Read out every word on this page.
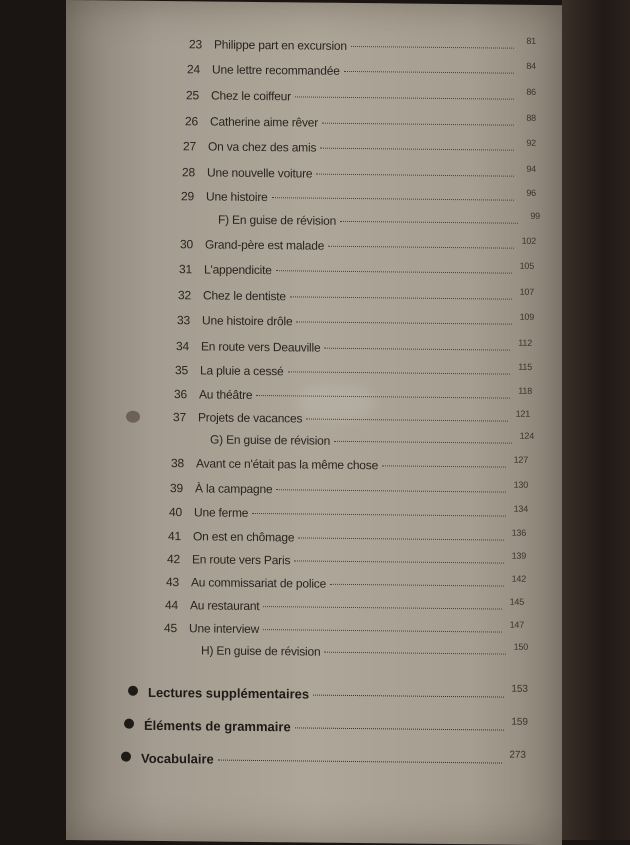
23 Philippe part en excursion	81
24 Une lettre recommandée	84
25 Chez le coiffeur	86
26 Catherine aime rêver	88
27 On va chez des amis	92
28 Une nouvelle voiture	94
29 Une histoire	96
F) En guise de révision	99
30 Grand-père est malade	102
31 L'appendicite	105
32 Chez le dentiste	107
33 Une histoire drôle	109
34 En route vers Deauville	112
35 La pluie a cessé	115
36 Au théâtre	118
37 Projets de vacances	121
G) En guise de révision	124
38 Avant ce n'était pas la même chose	127
39 À la campagne	130
40 Une ferme	134
41 On est en chômage	136
42 En route vers Paris	139
43 Au commissariat de police	142
44 Au restaurant	145
45 Une interview	147
H) En guise de révision	150
Lectures supplémentaires	153
Éléments de grammaire	159
Vocabulaire	273
